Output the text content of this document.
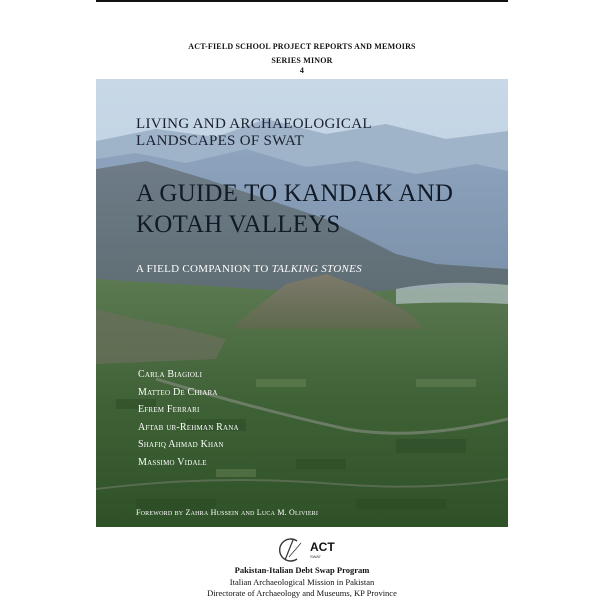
ACT-FIELD SCHOOL PROJECT REPORTS AND MEMOIRS
SERIES MINOR
4
LIVING AND ARCHAEOLOGICAL
LANDSCAPES OF SWAT
A GUIDE TO KANDAK AND
KOTAH VALLEYS
A FIELD COMPANION TO TALKING STONES
Carla Biagioli
Matteo De Chiara
Efrem Ferrari
Aftab ur-Rehman Rana
Shafiq Ahmad Khan
Massimo Vidale
Foreword by Zahra Hussein and Luca M. Olivieri
ACT
SWAT
Pakistan-Italian Debt Swap Program
Italian Archaeological Mission in Pakistan
Directorate of Archaeology and Museums, KP Province
